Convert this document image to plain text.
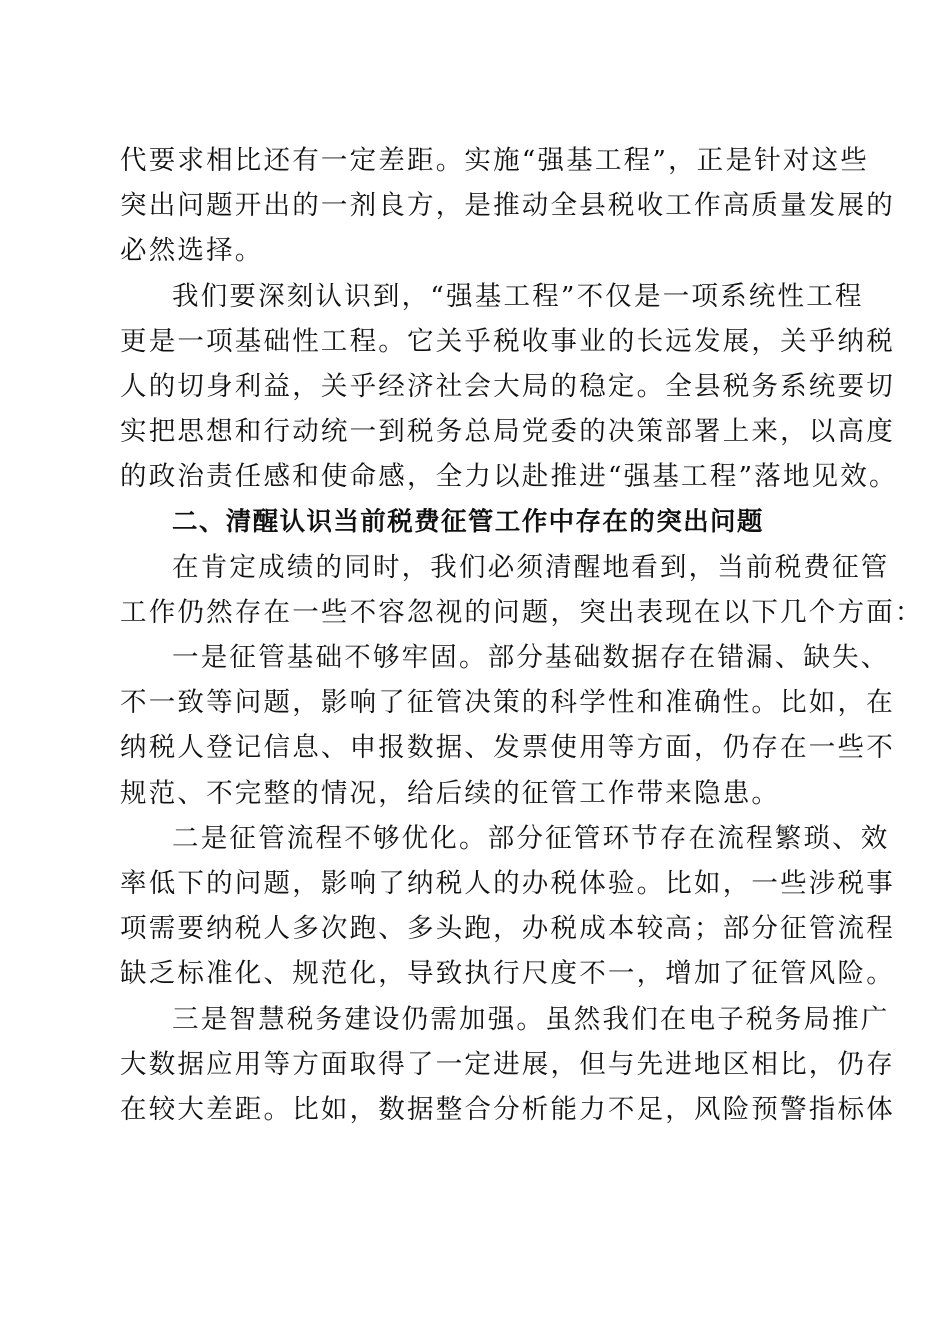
代要求相比还有一定差距。实施“强基工程”，正是针对这些
突出问题开出的一剂良方，是推动全县税收工作高质量发展的
必然选择。
我们要深刻认识到，“强基工程”不仅是一项系统性工程
更是一项基础性工程。它关乎税收事业的长远发展，关乎纳税
人的切身利益，关乎经济社会大局的稳定。全县税务系统要切
实把思想和行动统一到税务总局党委的决策部署上来，以高度
的政治责任感和使命感，全力以赴推进“强基工程”落地见效。
二、清醒认识当前税费征管工作中存在的突出问题
在肯定成绩的同时，我们必须清醒地看到，当前税费征管
工作仍然存在一些不容忽视的问题，突出表现在以下几个方面：
一是征管基础不够牢固。部分基础数据存在错漏、缺失、
不一致等问题，影响了征管决策的科学性和准确性。比如，在
纳税人登记信息、申报数据、发票使用等方面，仍存在一些不
规范、不完整的情况，给后续的征管工作带来隐患。
二是征管流程不够优化。部分征管环节存在流程繁琐、效
率低下的问题，影响了纳税人的办税体验。比如，一些涉税事
项需要纳税人多次跑、多头跑，办税成本较高；部分征管流程
缺乏标准化、规范化，导致执行尺度不一，增加了征管风险。
三是智慧税务建设仍需加强。虽然我们在电子税务局推广
大数据应用等方面取得了一定进展，但与先进地区相比，仍存
在较大差距。比如，数据整合分析能力不足，风险预警指标体
